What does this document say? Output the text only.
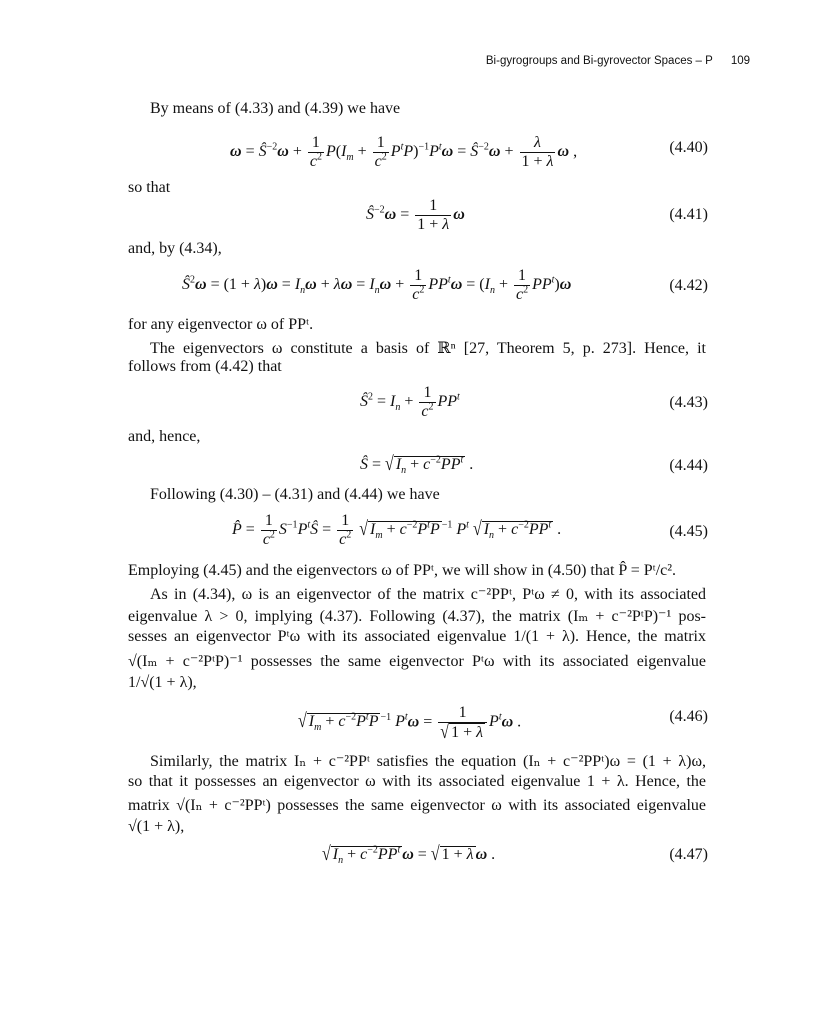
Bi-gyrogroups and Bi-gyrovector Spaces – P 109
By means of (4.33) and (4.39) we have
$\omega = Ŝ^{-2}\omega + \frac{1}{c^2} P(I_m + \frac{1}{c^2} P^tP)^{-1}P^t\omega$ = $Ŝ^{-2}\omega + \frac{\lambda}{1 + \lambda}$ ω ,	(4.40)
so that
$Ŝ^{-2}\omega = \frac{1}{1 + \lambda}$ ω	(4.41)
and, by (4.34),
$Ŝ^2\omega = (1 + \lambda)\omega = I_n\omega + \lambda\omega = I_n\omega + \frac{1}{c^2} PP^t\omega = (I_n + \frac{1}{c^2} PP^t)\omega$	(4.42)
for any eigenvector ω of PPᵗ.
The eigenvectors ω constitute a basis of ℝⁿ [27, Theorem 5, p. 273]. Hence, it
follows from (4.42) that
$Ŝ^2 = I_n + \frac{1}{c^2} PP^t$	(4.43)
and, hence,
Ŝ = √ $I_n + c^{-2}PP^t$ .	(4.44)
Following (4.30) – (4.31) and (4.44) we have
P̂ = $\frac{1}{c^2}$ $S^{-1}P^tŜ = \frac{1}{c^2}$ √ $I_m + c^{-2}P^tP$ $^{-1}$ $P^t$ √ $I_n + c^{-2}PP^t$ .	(4.45)
Employing (4.45) and the eigenvectors ω of PPᵗ, we will show in (4.50) that P̂ = Pᵗ/c².
As in (4.34), ω is an eigenvector of the matrix c⁻²PPᵗ, Pᵗω ≠ 0, with its associated
eigenvalue λ > 0, implying (4.37). Following (4.37), the matrix (Iₘ + c⁻²PᵗP)⁻¹ pos-
sesses an eigenvector Pᵗω with its associated eigenvalue 1/(1 + λ). Hence, the matrix
√(Iₘ + c⁻²PᵗP)⁻¹ possesses the same eigenvector Pᵗω with its associated eigenvalue
1/√(1 + λ),
√ $I_m + c^{-2}P^tP$ $^{-1}$ $P^t\omega = \frac{1}{√ 1 + \lambda} P^t\omega$ .	(4.46)
Similarly, the matrix Iₙ + c⁻²PPᵗ satisfies the equation (Iₙ + c⁻²PPᵗ)ω = (1 + λ)ω,
so that it possesses an eigenvector ω with its associated eigenvalue 1 + λ. Hence, the
matrix √(Iₙ + c⁻²PPᵗ) possesses the same eigenvector ω with its associated eigenvalue
√(1 + λ),
√ $I_n + c^{-2}PP^t$ ω = √ 1 + λ ω .	(4.47)
